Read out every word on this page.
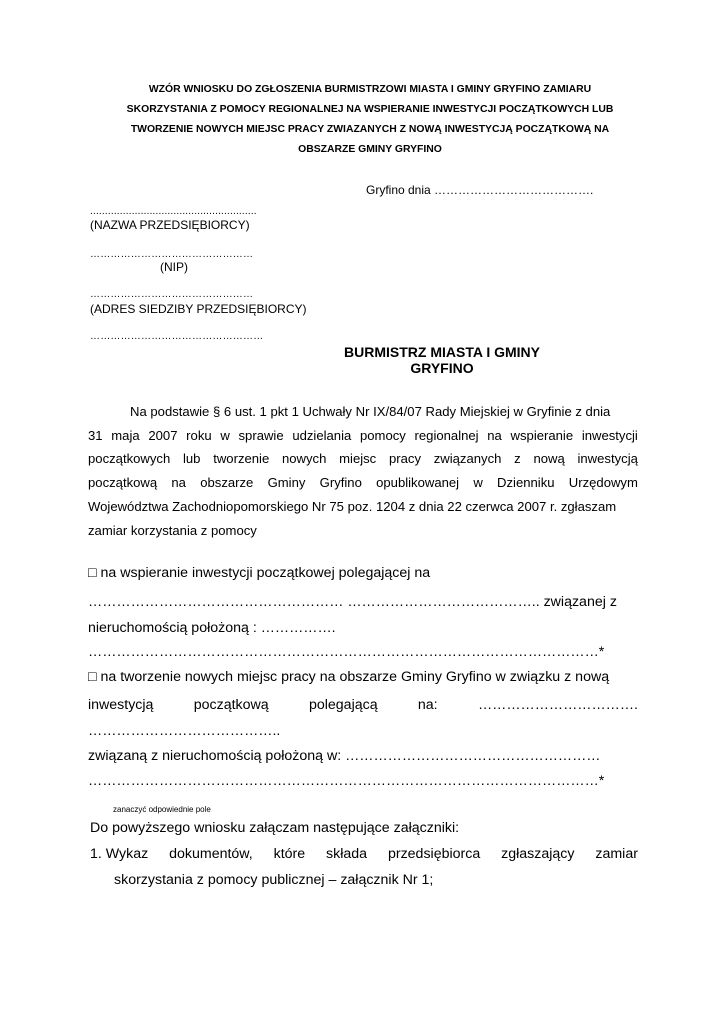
WZÓR WNIOSKU DO ZGŁOSZENIA BURMISTRZOWI MIASTA I GMINY GRYFINO ZAMIARU
SKORZYSTANIA Z POMOCY REGIONALNEJ NA WSPIERANIE INWESTYCJI POCZĄTKOWYCH LUB
TWORZENIE NOWYCH MIEJSC PRACY ZWIAZANYCH Z NOWĄ INWESTYCJĄ POCZĄTKOWĄ NA
OBSZARZE GMINY GRYFINO
Gryfino dnia ………………………………….
........................................................
(NAZWA PRZEDSIĘBIORCY)
…………………………………………
(NIP)
…………………………………………
(ADRES SIEDZIBY PRZEDSIĘBIORCY)
……………………………………………
BURMISTRZ MIASTA I GMINY
GRYFINO
Na podstawie § 6 ust. 1 pkt 1 Uchwały Nr IX/84/07 Rady Miejskiej w Gryfinie z dnia
31 maja 2007 roku w sprawie udzielania pomocy regionalnej na wspieranie inwestycji
początkowych lub tworzenie nowych miejsc pracy związanych z nową inwestycją
początkową na obszarze Gminy Gryfino opublikowanej w Dzienniku Urzędowym
Województwa Zachodniopomorskiego Nr 75 poz. 1204 z dnia 22 czerwca 2007 r. zgłaszam
zamiar korzystania z pomocy
□ na wspieranie inwestycji początkowej polegającej na
……………………………………………… ………………………………….. związanej z
nieruchomością położoną : …………….
………………………………………………………………………………………………*
□ na tworzenie nowych miejsc pracy na obszarze Gminy Gryfino w związku z nową
inwestycją	początkową	polegającą	na:	…………………………….
…………………………………..
związaną z nieruchomością położoną w: ………………………………………………
………………………………………………………………………………………………*
zanaczyć odpowiednie pole
Do powyższego wniosku załączam następujące załączniki:
1. Wykaz dokumentów, które składa przedsiębiorca zgłaszający zamiar
skorzystania z pomocy publicznej – załącznik Nr 1;
